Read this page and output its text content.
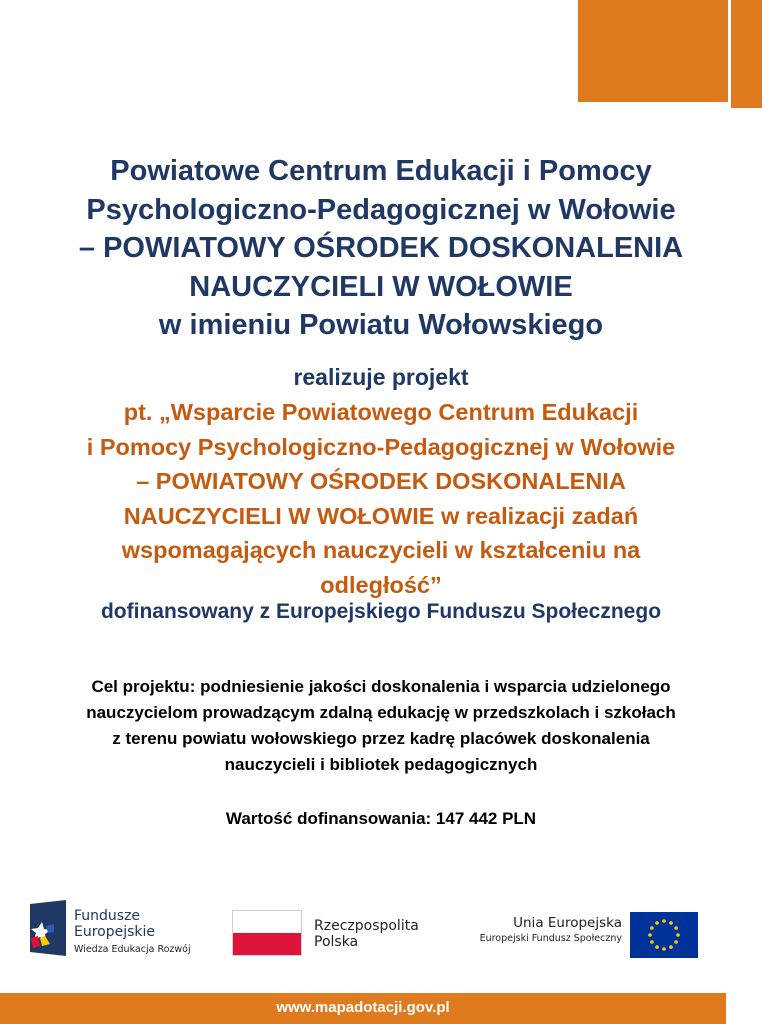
Powiatowe Centrum Edukacji i Pomocy
Psychologiczno-Pedagogicznej w Wołowie
– POWIATOWY OŚRODEK DOSKONALENIA
NAUCZYCIELI W WOŁOWIE
w imieniu Powiatu Wołowskiego

realizuje projekt

pt. „Wsparcie Powiatowego Centrum Edukacji
i Pomocy Psychologiczno-Pedagogicznej w Wołowie
– POWIATOWY OŚRODEK DOSKONALENIA
NAUCZYCIELI W WOŁOWIE w realizacji zadań
wspomagających nauczycieli w kształceniu na
odległość”

dofinansowany z Europejskiego Funduszu Społecznego

Cel projektu: podniesienie jakości doskonalenia i wsparcia udzielonego
nauczycielom prowadzącym zdalną edukację w przedszkolach i szkołach
z terenu powiatu wołowskiego przez kadrę placówek doskonalenia
nauczycieli i bibliotek pedagogicznych

Wartość dofinansowania: 147 442 PLN

Fundusze
Europejskie
Wiedza Edukacja Rozwój
Rzeczpospolita
Polska
Unia Europejska
Europejski Fundusz Społeczny

www.mapadotacji.gov.pl
